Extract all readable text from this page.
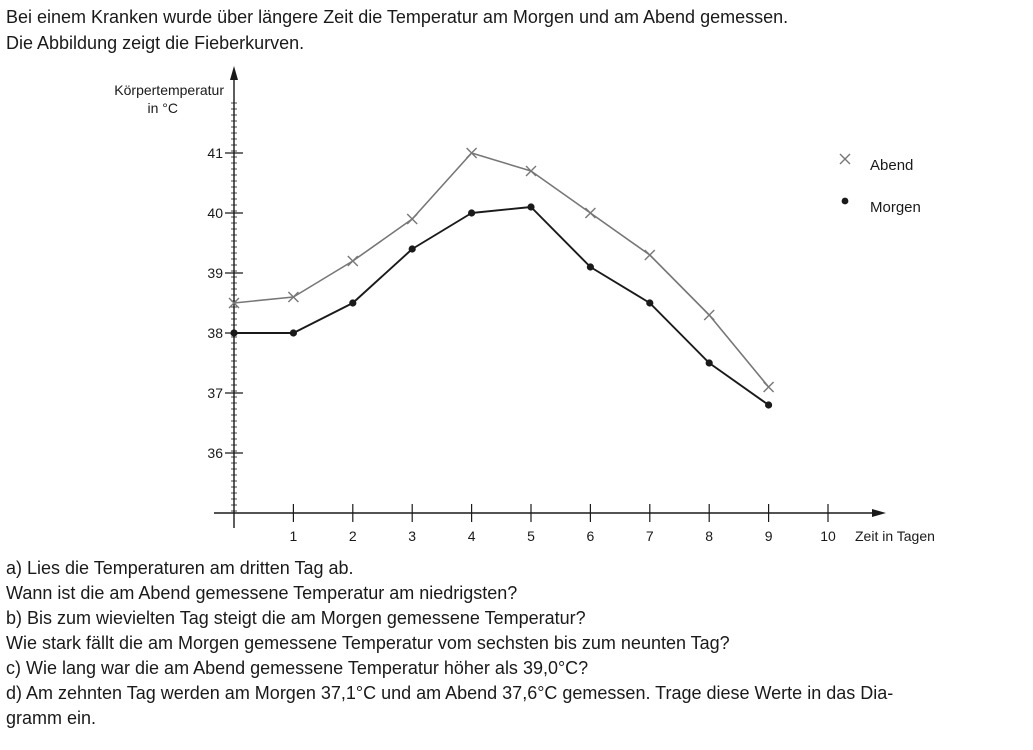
Bei einem Kranken wurde über längere Zeit die Temperatur am Morgen und am Abend gemessen.

Die Abbildung zeigt die Fieberkurven.

36
37
38
39
40
41
1	2	3	4	5	6	7	8	9	10
Abend
Morgen
Körpertemperatur
in °C
Zeit in Tagen

a) Lies die Temperaturen am dritten Tag ab.

Wann ist die am Abend gemessene Temperatur am niedrigsten?

b) Bis zum wievielten Tag steigt die am Morgen gemessene Temperatur?

Wie stark fällt die am Morgen gemessene Temperatur vom sechsten bis zum neunten Tag?

c) Wie lang war die am Abend gemessene Temperatur höher als 39,0°C?

d) Am zehnten Tag werden am Morgen 37,1°C und am Abend 37,6°C gemessen. Trage diese Werte in das Dia-

gramm ein.
